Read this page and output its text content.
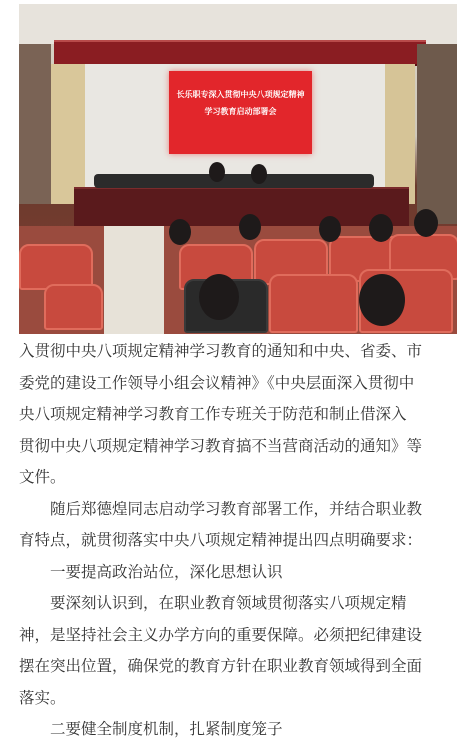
长乐职专深入贯彻中央八项规定精神
学习教育启动部署会
入贯彻中央八项规定精神学习教育的通知和中央、省委、市
委党的建设工作领导小组会议精神》《中央层面深入贯彻中
央八项规定精神学习教育工作专班关于防范和制止借深入
贯彻中央八项规定精神学习教育搞不当营商活动的通知》等
文件。
　　随后郑德煌同志启动学习教育部署工作，并结合职业教
育特点，就贯彻落实中央八项规定精神提出四点明确要求：
　　一要提高政治站位，深化思想认识
　　要深刻认识到，在职业教育领域贯彻落实八项规定精
神，是坚持社会主义办学方向的重要保障。必须把纪律建设
摆在突出位置，确保党的教育方针在职业教育领域得到全面
落实。
　　二要健全制度机制，扎紧制度笼子
